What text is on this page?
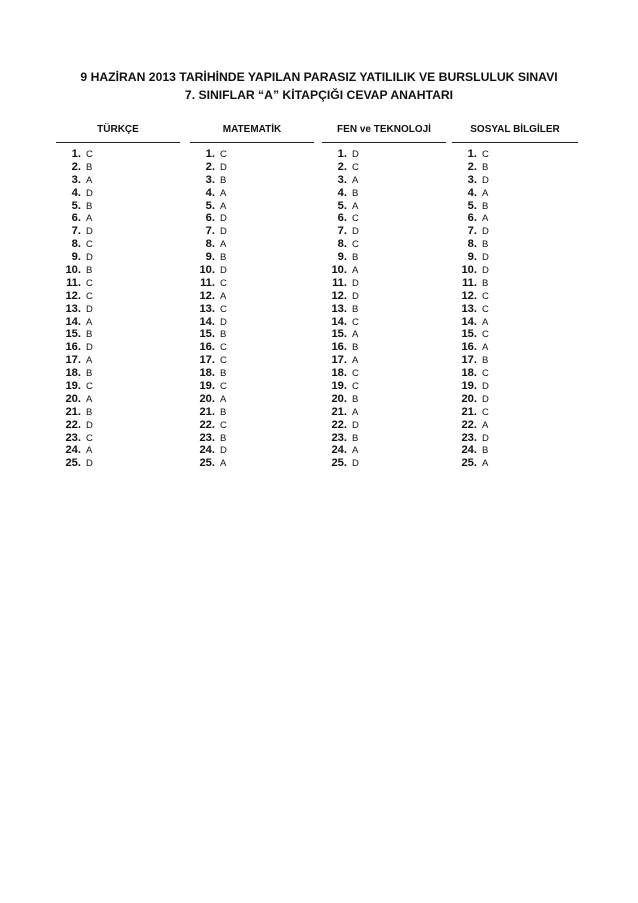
9 HAZİRAN 2013 TARİHİNDE YAPILAN PARASIZ YATILILIK VE BURSLULUK SINAVI
7. SINIFLAR “A” KİTAPÇIĞI CEVAP ANAHTARI
TÜRKÇE
1. C
2. B
3. A
4. D
5. B
6. A
7. D
8. C
9. D
10. B
11. C
12. C
13. D
14. A
15. B
16. D
17. A
18. B
19. C
20. A
21. B
22. D
23. C
24. A
25. D
MATEMATİK
1. C
2. D
3. B
4. A
5. A
6. D
7. D
8. A
9. B
10. D
11. C
12. A
13. C
14. D
15. B
16. C
17. C
18. B
19. C
20. A
21. B
22. C
23. B
24. D
25. A
FEN ve TEKNOLOJİ
1. D
2. C
3. A
4. B
5. A
6. C
7. D
8. C
9. B
10. A
11. D
12. D
13. B
14. C
15. A
16. B
17. A
18. C
19. C
20. B
21. A
22. D
23. B
24. A
25. D
SOSYAL BİLGİLER
1. C
2. B
3. D
4. A
5. B
6. A
7. D
8. B
9. D
10. D
11. B
12. C
13. C
14. A
15. C
16. A
17. B
18. C
19. D
20. D
21. C
22. A
23. D
24. B
25. A
